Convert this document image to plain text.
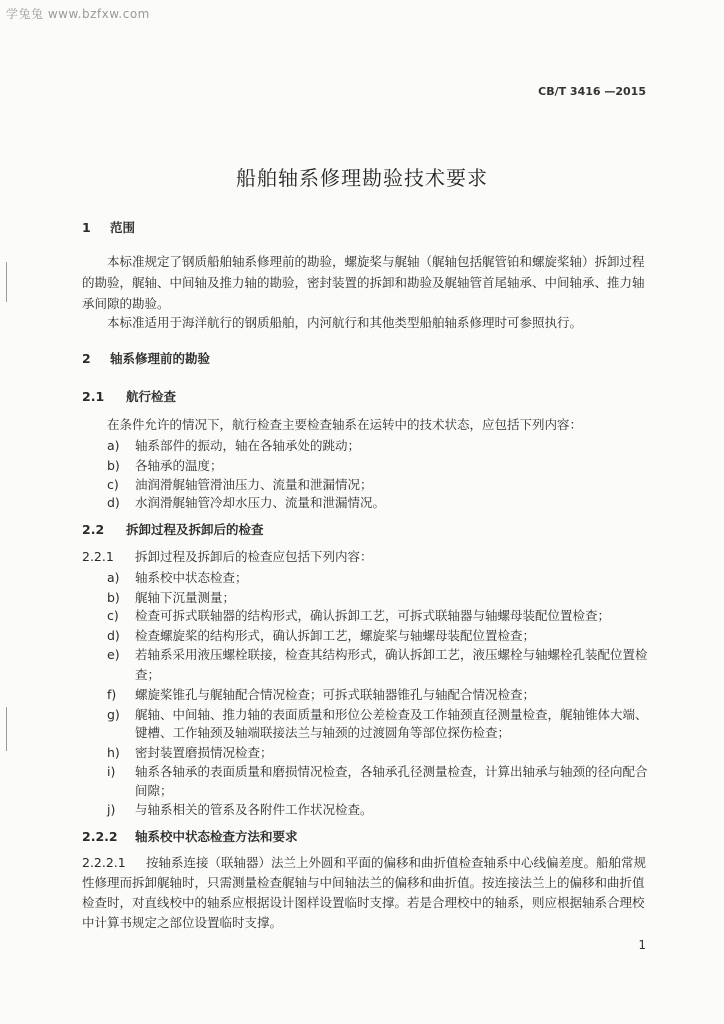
学兔兔 www.bzfxw.com
CB/T 3416 —2015
船舶轴系修理勘验技术要求
1 范围
本标准规定了钢质船舶轴系修理前的勘验，螺旋桨与艉轴（艉轴包括艉管铂和螺旋桨轴）拆卸过程
的勘验，艉轴、中间轴及推力轴的勘验，密封装置的拆卸和勘验及艉轴管首尾轴承、中间轴承、推力轴
承间隙的勘验。
本标准适用于海洋航行的钢质船舶，内河航行和其他类型船舶轴系修理时可参照执行。
2 轴系修理前的勘验
2.1 航行检查
在条件允许的情况下，航行检查主要检查轴系在运转中的技术状态，应包括下列内容：
a) 轴系部件的振动，轴在各轴承处的跳动；
b) 各轴承的温度；
c) 油润滑艉轴管滑油压力、流量和泄漏情况；
d) 水润滑艉轴管冷却水压力、流量和泄漏情况。
2.2 拆卸过程及拆卸后的检查
2.2.1 拆卸过程及拆卸后的检查应包括下列内容：
a) 轴系校中状态检查；
b) 艉轴下沉量测量；
c) 检查可拆式联轴器的结构形式，确认拆卸工艺，可拆式联轴器与轴螺母装配位置检查；
d) 检查螺旋桨的结构形式，确认拆卸工艺，螺旋桨与轴螺母装配位置检查；
e) 若轴系采用液压螺栓联接，检查其结构形式，确认拆卸工艺，液压螺栓与轴螺栓孔装配位置检
查；
f) 螺旋桨锥孔与艉轴配合情况检查；可拆式联轴器锥孔与轴配合情况检查；
g) 艉轴、中间轴、推力轴的表面质量和形位公差检查及工作轴颈直径测量检查，艉轴锥体大端、
键槽、工作轴颈及轴端联接法兰与轴颈的过渡圆角等部位探伤检查；
h) 密封装置磨损情况检查；
i) 轴系各轴承的表面质量和磨损情况检查，各轴承孔径测量检查，计算出轴承与轴颈的径向配合
间隙；
j) 与轴系相关的管系及各附件工作状况检查。
2.2.2 轴系校中状态检查方法和要求
2.2.2.1 按轴系连接（联轴器）法兰上外圆和平面的偏移和曲折值检查轴系中心线偏差度。船舶常规
性修理而拆卸艉轴时，只需测量检查艉轴与中间轴法兰的偏移和曲折值。按连接法兰上的偏移和曲折值
检查时，对直线校中的轴系应根据设计图样设置临时支撑。若是合理校中的轴系，则应根据轴系合理校
中计算书规定之部位设置临时支撑。
1
